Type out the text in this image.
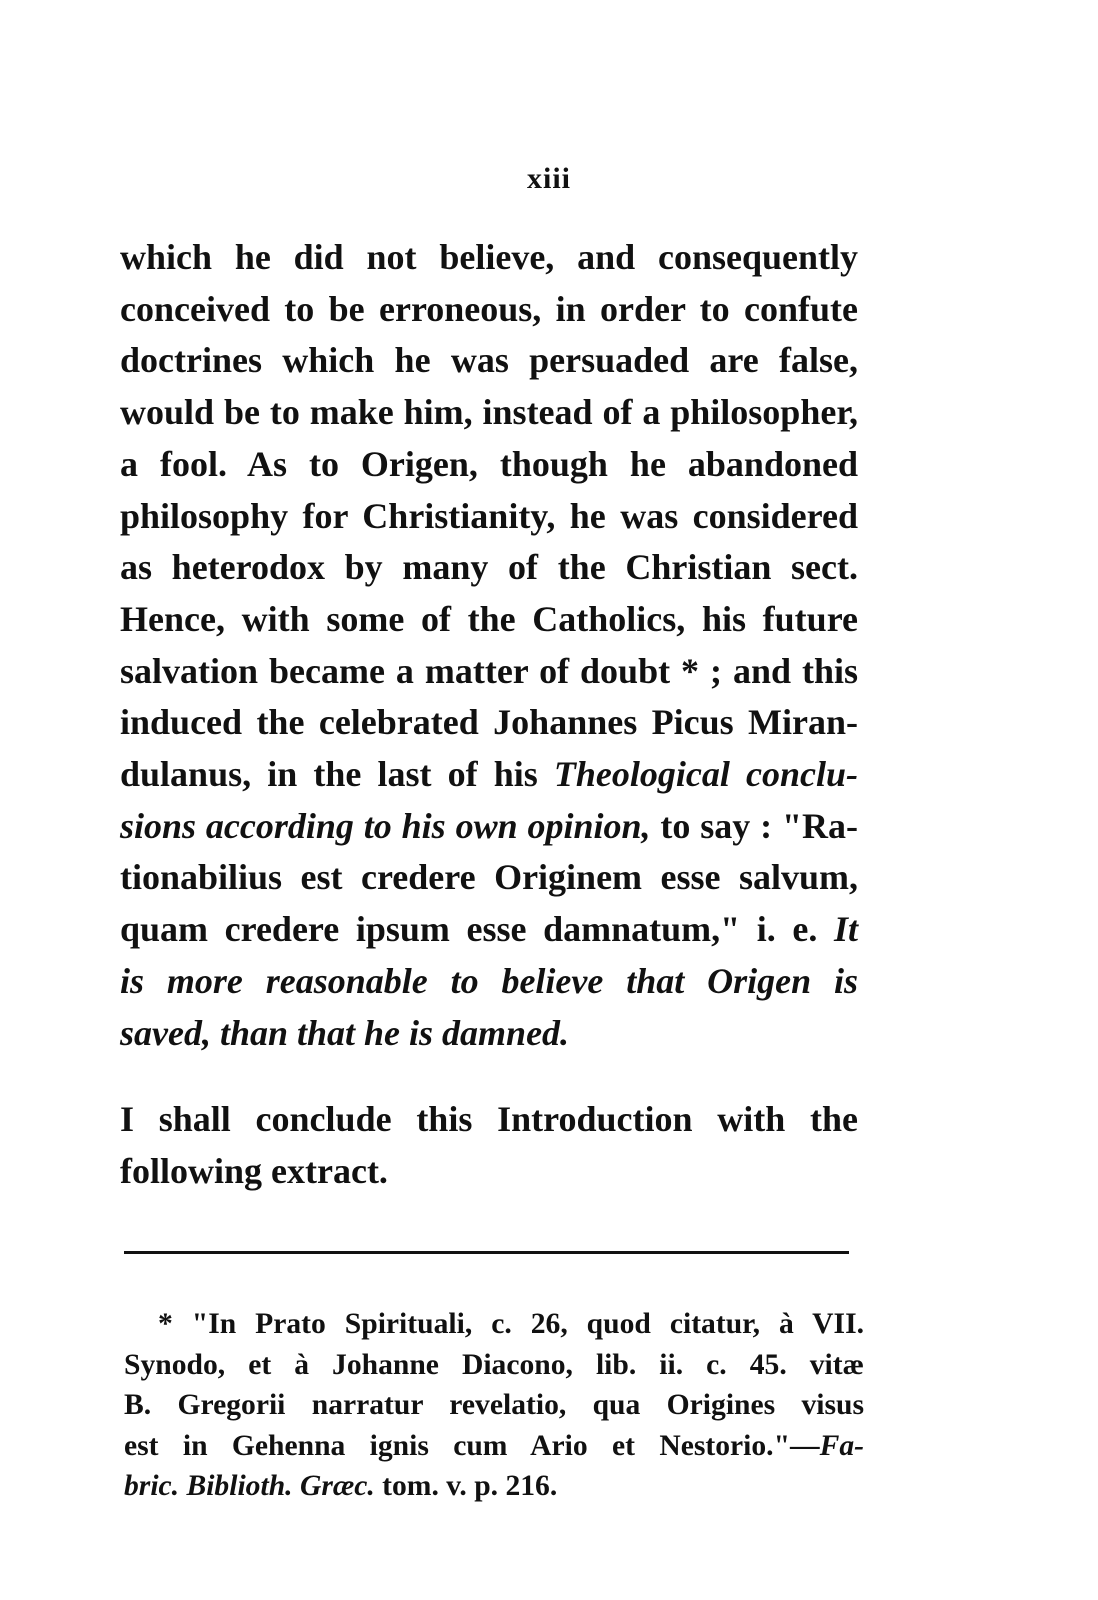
xiii
which he did not believe, and consequently
conceived to be erroneous, in order to confute
doctrines which he was persuaded are false,
would be to make him, instead of a philosopher,
a fool. As to Origen, though he abandoned
philosophy for Christianity, he was considered
as heterodox by many of the Christian sect.
Hence, with some of the Catholics, his future
salvation became a matter of doubt * ; and this
induced the celebrated Johannes Picus Miran-
dulanus, in the last of his Theological conclu-
sions according to his own opinion, to say : "Ra-
tionabilius est credere Originem esse salvum,
quam credere ipsum esse damnatum," i. e. It
is more reasonable to believe that Origen is
saved, than that he is damned.
I shall conclude this Introduction with the
following extract.
* "In Prato Spirituali, c. 26, quod citatur, à VII.
Synodo, et à Johanne Diacono, lib. ii. c. 45. vitæ
B. Gregorii narratur revelatio, qua Origines visus
est in Gehenna ignis cum Ario et Nestorio."—Fa-
bric. Biblioth. Græc. tom. v. p. 216.
